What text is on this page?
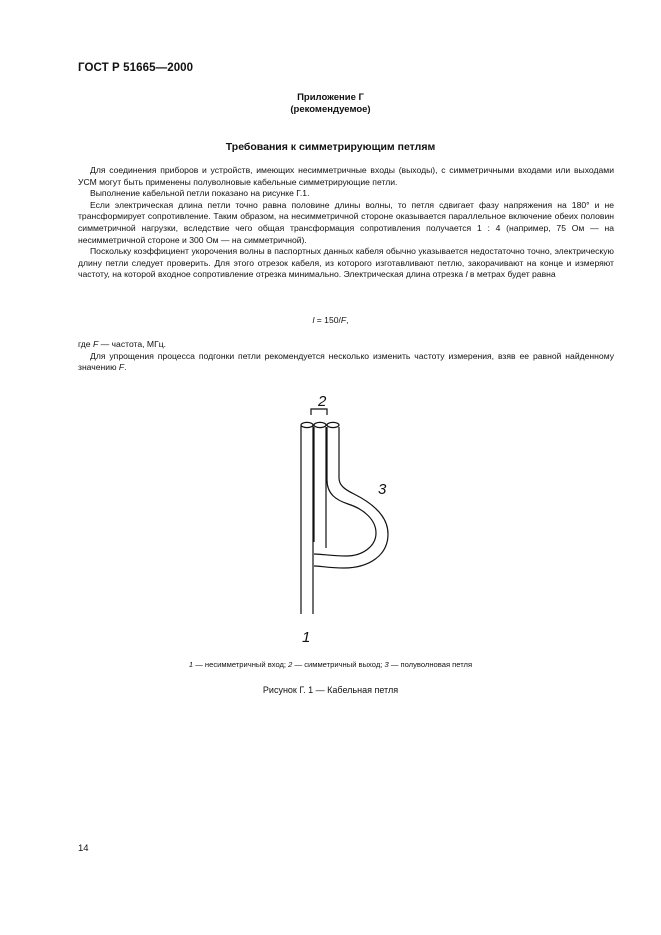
ГОСТ Р 51665—2000
Приложение Г
(рекомендуемое)
Требования к симметрирующим петлям

Для соединения приборов и устройств, имеющих несимметричные входы (выходы), с симметричными входами или выходами УСМ могут быть применены полуволновые кабельные симметрирующие петли.

Выполнение кабельной петли показано на рисунке Г.1.

Если электрическая длина петли точно равна половине длины волны, то петля сдвигает фазу напряжения на 180° и не трансформирует сопротивление. Таким образом, на несимметричной стороне оказывается параллельное включение обеих половин симметричной нагрузки, вследствие чего общая трансформация сопротивления получается 1 : 4 (например, 75 Ом — на несимметричной стороне и 300 Ом — на симметричной).

Поскольку коэффициент укорочения волны в паспортных данных кабеля обычно указывается недостаточно точно, электрическую длину петли следует проверить. Для этого отрезок кабеля, из которого изготавливают петлю, закорачивают на конце и измеряют частоту, на которой входное сопротивление отрезка минимально. Электрическая длина отрезка l в метрах будет равна

l = 150/F,

где F — частота, МГц.

Для упрощения процесса подгонки петли рекомендуется несколько изменить частоту измерения, взяв ее равной найденному значению F.

2
3
1
1 — несимметричный вход; 2 — симметричный выход; 3 — полуволновая петля
Рисунок Г. 1 — Кабельная петля
14
